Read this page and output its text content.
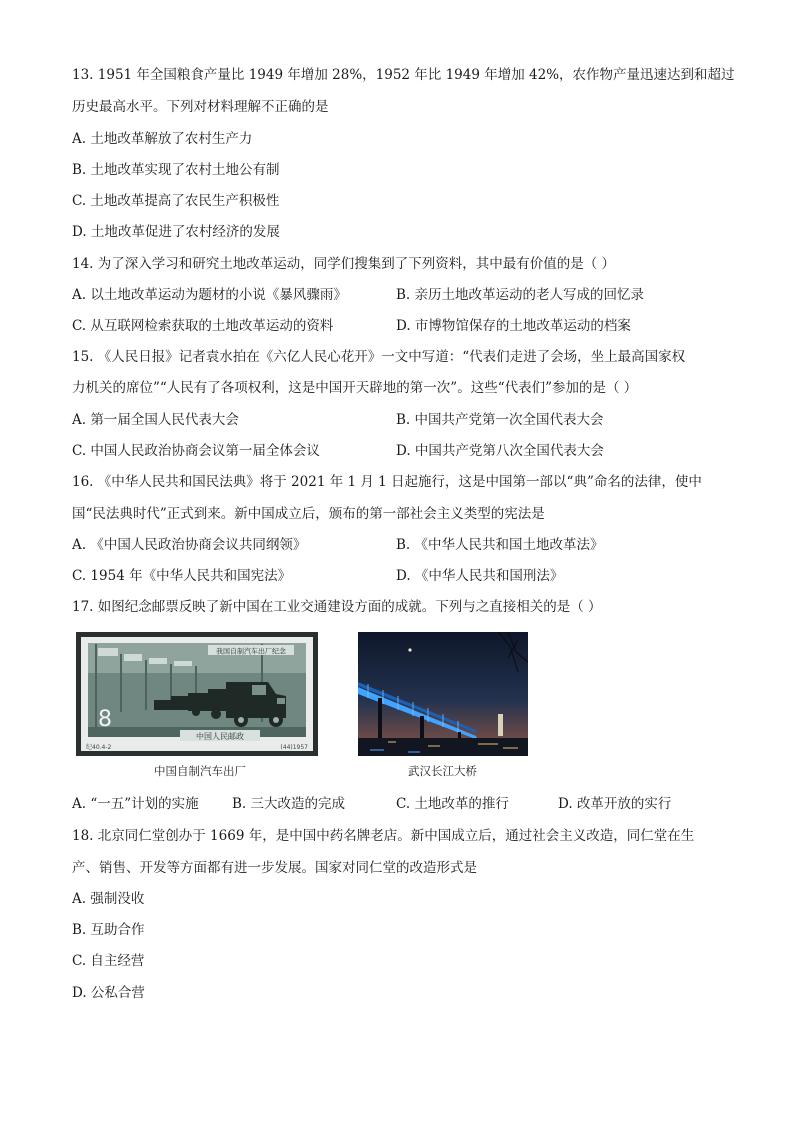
13. 1951 年全国粮食产量比 1949 年增加 28%，1952 年比 1949 年增加 42%，农作物产量迅速达到和超过
历史最高水平。下列对材料理解不正确的是
A. 土地改革解放了农村生产力
B. 土地改革实现了农村土地公有制
C. 土地改革提高了农民生产积极性
D. 土地改革促进了农村经济的发展
14. 为了深入学习和研究土地改革运动，同学们搜集到了下列资料，其中最有价值的是（ ）
A. 以土地改革运动为题材的小说《暴风骤雨》	B. 亲历土地改革运动的老人写成的回忆录
C. 从互联网检索获取的土地改革运动的资料	D. 市博物馆保存的土地改革运动的档案
15. 《人民日报》记者袁水拍在《六亿人民心花开》一文中写道：“代表们走进了会场，坐上最高国家权
力机关的席位”“人民有了各项权利，这是中国开天辟地的第一次”。这些“代表们”参加的是（ ）
A. 第一届全国人民代表大会	B. 中国共产党第一次全国代表大会
C. 中国人民政治协商会议第一届全体会议	D. 中国共产党第八次全国代表大会
16. 《中华人民共和国民法典》将于 2021 年 1 月 1 日起施行，这是中国第一部以“典”命名的法律，使中
国“民法典时代”正式到来。新中国成立后，颁布的第一部社会主义类型的宪法是
A. 《中国人民政治协商会议共同纲领》	B. 《中华人民共和国土地改革法》
C. 1954 年《中华人民共和国宪法》	D. 《中华人民共和国刑法》
17. 如图纪念邮票反映了新中国在工业交通建设方面的成就。下列与之直接相关的是（ ）
我国自制汽车出厂纪念
8
中国人民邮政
纪40.4-2	(44)1957
中国自制汽车出厂	武汉长江大桥
A. “一五”计划的实施 B. 三大改造的完成	C. 土地改革的推行	D. 改革开放的实行
18. 北京同仁堂创办于 1669 年，是中国中药名牌老店。新中国成立后，通过社会主义改造，同仁堂在生
产、销售、开发等方面都有进一步发展。国家对同仁堂的改造形式是
A. 强制没收
B. 互助合作
C. 自主经营
D. 公私合营
